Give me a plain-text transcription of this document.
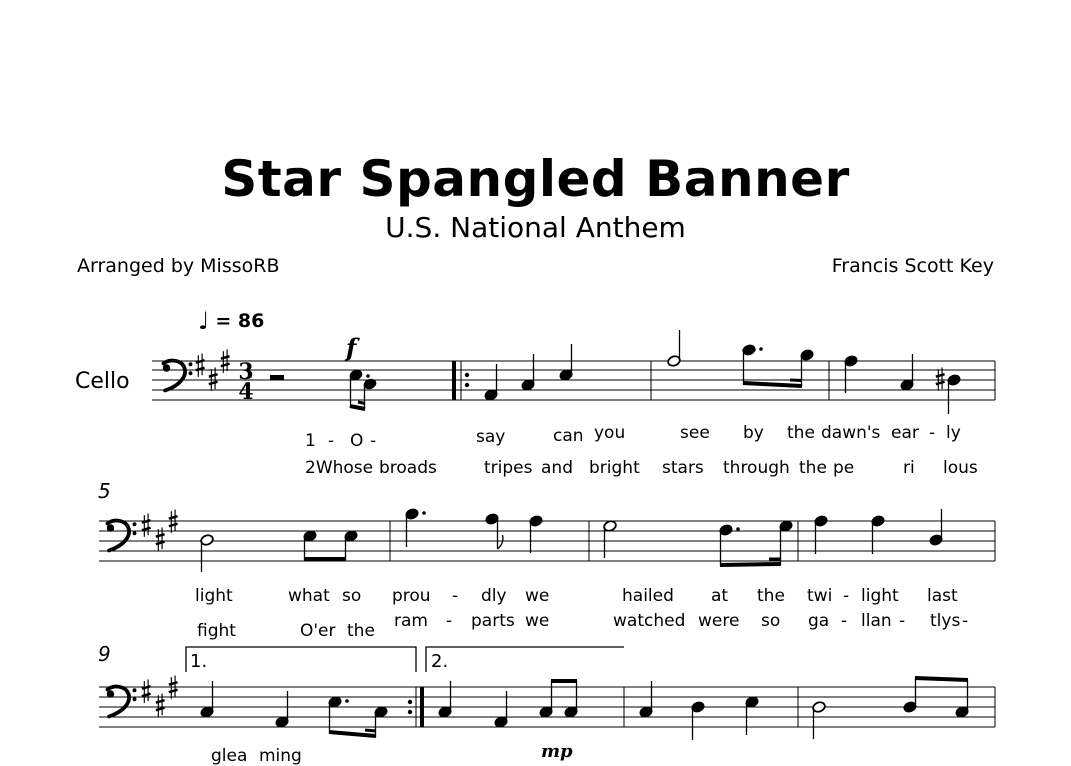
Star Spangled Banner
U.S. National Anthem
Arranged by MissoRB	Francis Scott Key
♩ = 86
Cello
5
9
f
mp
1.	2.
1 - O -	say	can you	see by the dawn's ear - ly
2Whose broads	tripes and bright stars through the pe	ri lous
light	what so prou - dly we	hailed at the twi - light last
fight	O'er the ram - parts we	watched were so ga - llan - tlys -
glea ming
3
4
